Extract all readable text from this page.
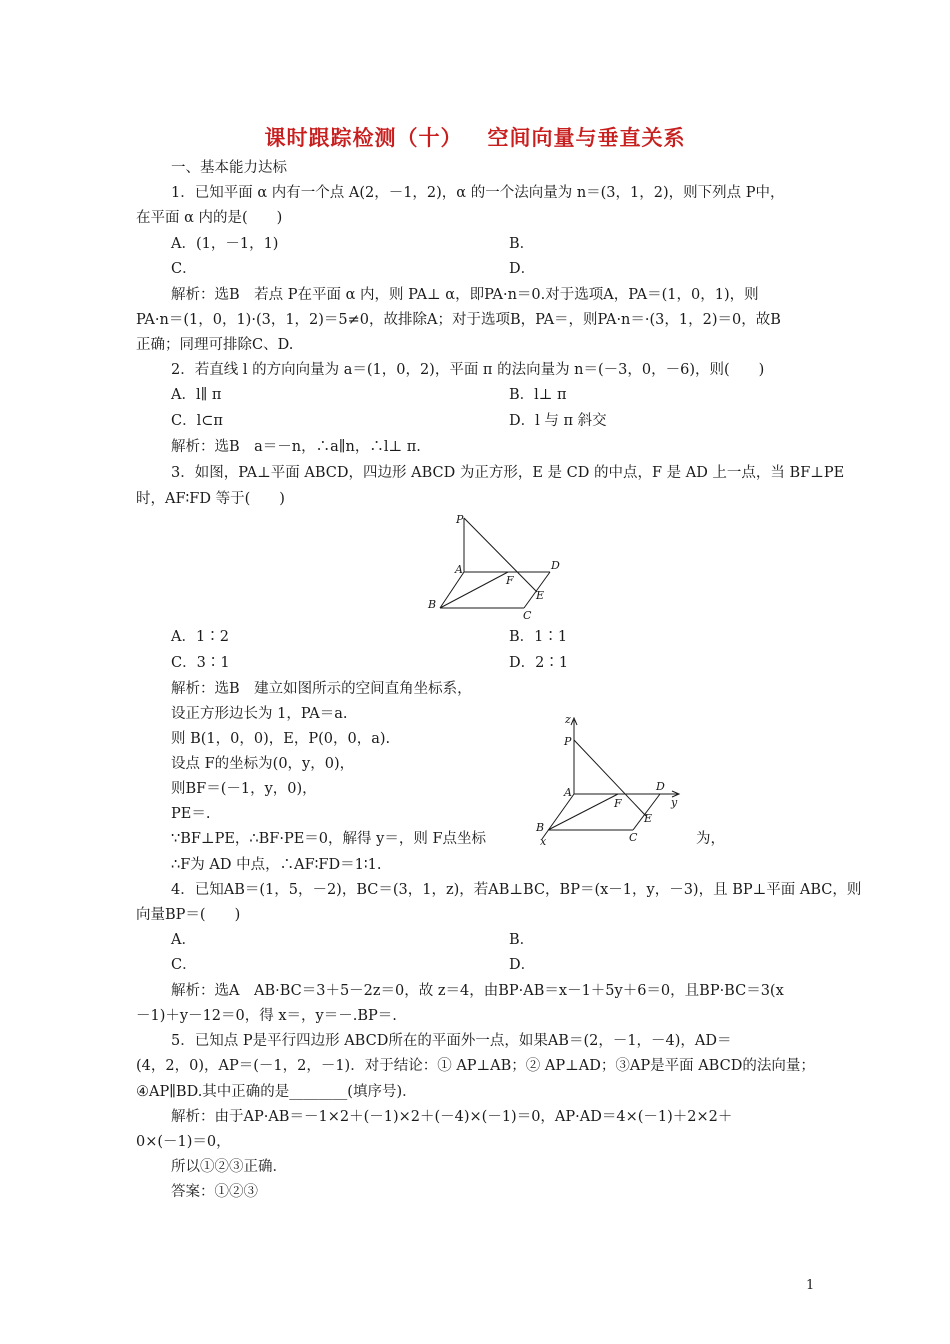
课时跟踪检测（十）   空间向量与垂直关系
一、基本能力达标
1．已知平面 α 内有一个点 A(2，－1，2)，α 的一个法向量为 n＝(3，1，2)，则下列点 P中，
在平面 α 内的是(　　)
A．(1，－1，1)	B．
C．	D．
解析：选B　若点 P在平面 α 内，则 PA⊥ α，即PA·n＝0.对于选项A，PA＝(1，0，1)，则
PA·n＝(1，0，1)·(3，1，2)＝5≠0，故排除A；对于选项B，PA＝，则PA·n＝·(3，1，2)＝0，故B
正确；同理可排除C、D.
2．若直线 l 的方向向量为 a＝(1，0，2)，平面 π 的法向量为 n＝(－3，0，－6)，则(　　)
A．l∥ π	B．l⊥ π
C．l⊂π	D．l 与 π 斜交
解析：选B　a＝－n，∴a∥n，∴l⊥ π.
3．如图，PA⊥平面 ABCD，四边形 ABCD 为正方形，E 是 CD 的中点，F 是 AD 上一点，当 BF⊥PE
时，AF∶FD 等于(　　)
P
A
F
D
B
E
C
A．1∶2	B．1∶1
C．3∶1	D．2∶1
解析：选B　建立如图所示的空间直角坐标系，
设正方形边长为 1，PA＝a.
则 B(1，0，0)，E，P(0，0，a).
设点 F的坐标为(0，y，0)，
则BF＝(－1，y，0)，
PE＝.
∵BF⊥PE，∴BF·PE＝0，解得 y＝，则 F点坐标	为，
∴F为 AD 中点，∴AF∶FD＝1∶1.
z
P
A
F
D
y
B
x
E
C
4．已知AB＝(1，5，－2)，BC＝(3，1，z)，若AB⊥BC，BP＝(x－1，y，－3)，且 BP⊥平面 ABC，则
向量BP＝(　　)
A．	B．
C．	D．
解析：选A　AB·BC＝3＋5－2z＝0，故 z＝4，由BP·AB＝x－1＋5y＋6＝0，且BP·BC＝3(x
－1)＋y－12＝0，得 x＝，y＝－.BP＝.
5．已知点 P是平行四边形 ABCD所在的平面外一点，如果AB＝(2，－1，－4)，AD＝
(4，2，0)，AP＝(－1，2，－1)．对于结论：① AP⊥AB；② AP⊥AD；③AP是平面 ABCD的法向量；
④AP∥BD.其中正确的是________(填序号)．
解析：由于AP·AB＝－1×2＋(－1)×2＋(－4)×(－1)＝0，AP·AD＝4×(－1)＋2×2＋
0×(－1)＝0，
所以①②③正确．
答案：①②③
1
